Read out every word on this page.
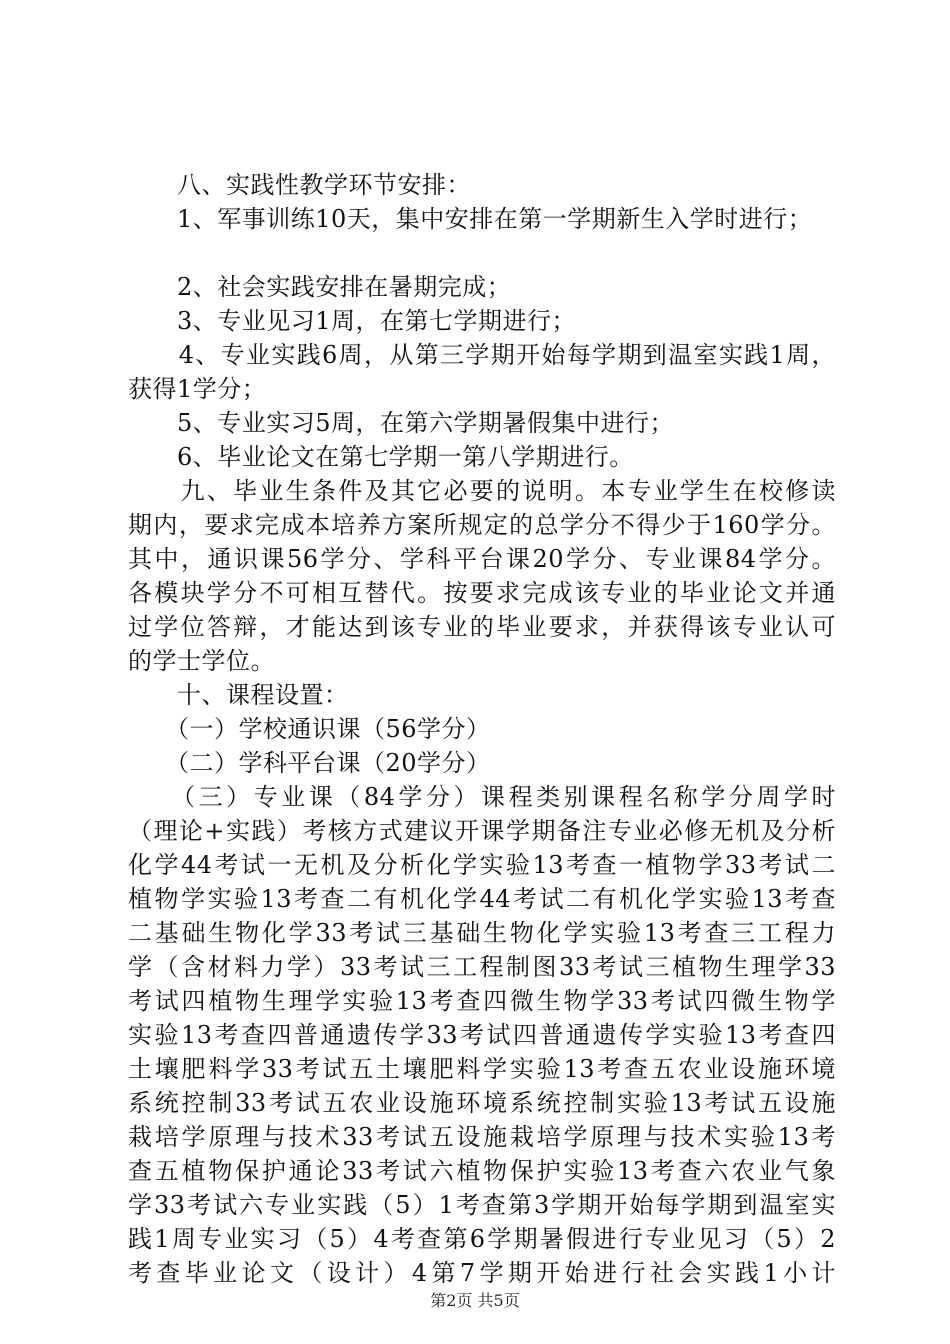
　　八、实践性教学环节安排：
　　1、军事训练10天，集中安排在第一学期新生入学时进行；
　　2、社会实践安排在暑期完成；
　　3、专业见习1周，在第七学期进行；
　　4、专业实践6周，从第三学期开始每学期到温室实践1周，
获得1学分；
　　5、专业实习5周，在第六学期暑假集中进行；
　　6、毕业论文在第七学期一第八学期进行。
　　九、毕业生条件及其它必要的说明。本专业学生在校修读
期内，要求完成本培养方案所规定的总学分不得少于160学分。
其中，通识课56学分、学科平台课20学分、专业课84学分。
各模块学分不可相互替代。按要求完成该专业的毕业论文并通
过学位答辩，才能达到该专业的毕业要求，并获得该专业认可
的学士学位。
　　十、课程设置：
　　（一）学校通识课（56学分）
　　（二）学科平台课（20学分）
　　（三）专业课（84学分）课程类别课程名称学分周学时
（理论+实践）考核方式建议开课学期备注专业必修无机及分析
化学44考试一无机及分析化学实验13考查一植物学33考试二
植物学实验13考查二有机化学44考试二有机化学实验13考查
二基础生物化学33考试三基础生物化学实验13考查三工程力
学（含材料力学）33考试三工程制图33考试三植物生理学33
考试四植物生理学实验13考查四微生物学33考试四微生物学
实验13考查四普通遗传学33考试四普通遗传学实验13考查四
土壤肥料学33考试五土壤肥料学实验13考查五农业设施环境
系统控制33考试五农业设施环境系统控制实验13考试五设施
栽培学原理与技术33考试五设施栽培学原理与技术实验13考
查五植物保护通论33考试六植物保护实验13考查六农业气象
学33考试六专业实践（5）1考查第3学期开始每学期到温室实
践1周专业实习（5）4考查第6学期暑假进行专业见习（5）2
考查毕业论文（设计）4第7学期开始进行社会实践1小计
第2页 共5页
